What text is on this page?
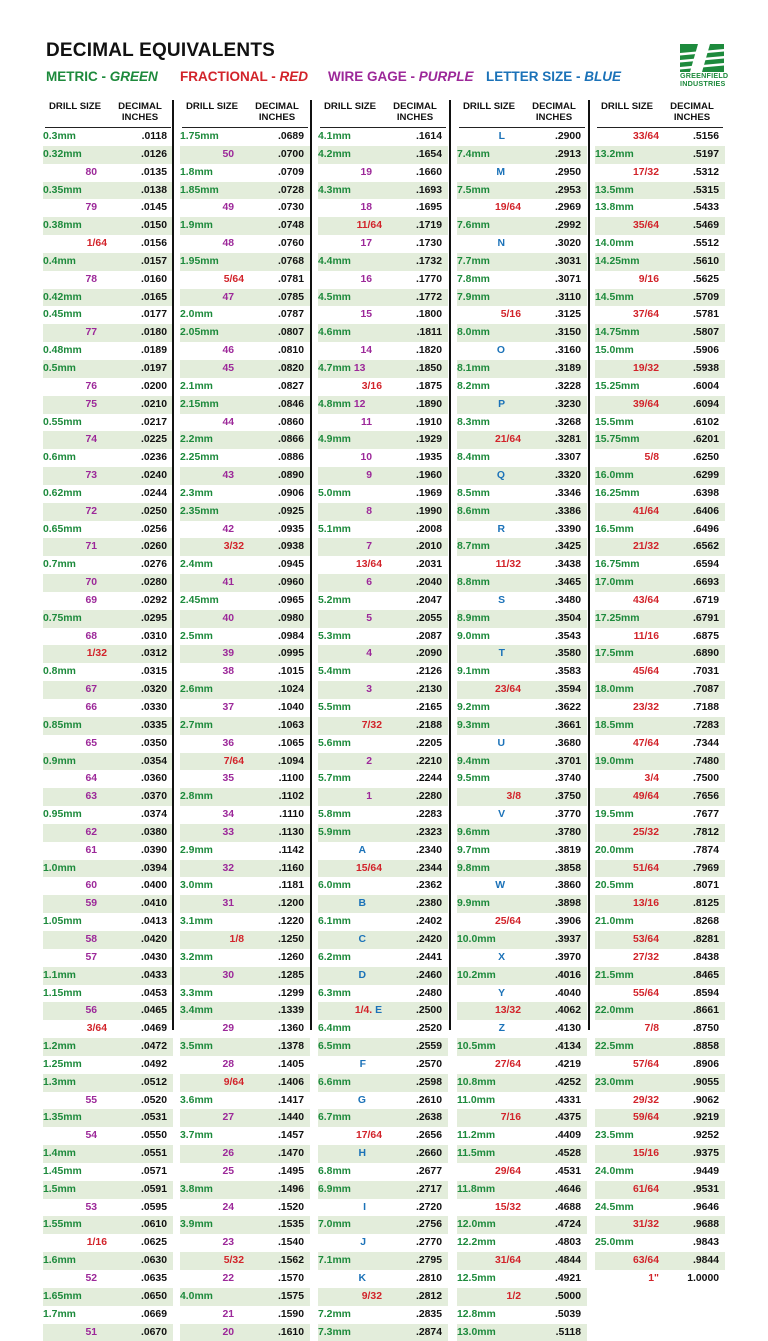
DECIMAL EQUIVALENTS
METRIC - GREEN FRACTIONAL - RED WIRE GAGE - PURPLE LETTER SIZE - BLUE	GREENFIELD
INDUSTRIES
DRILL SIZE	DECIMAL INCHES
0.3mm	.0118
0.32mm	.0126
80	.0135
0.35mm	.0138
79	.0145
0.38mm	.0150
1/64	.0156
0.4mm	.0157
78	.0160
0.42mm	.0165
0.45mm	.0177
77	.0180
0.48mm	.0189
0.5mm	.0197
76	.0200
75	.0210
0.55mm	.0217
74	.0225
0.6mm	.0236
73	.0240
0.62mm	.0244
72	.0250
0.65mm	.0256
71	.0260
0.7mm	.0276
70	.0280
69	.0292
0.75mm	.0295
68	.0310
1/32	.0312
0.8mm	.0315
67	.0320
66	.0330
0.85mm	.0335
65	.0350
0.9mm	.0354
64	.0360
63	.0370
0.95mm	.0374
62	.0380
61	.0390
1.0mm	.0394
60	.0400
59	.0410
1.05mm	.0413
58	.0420
57	.0430
1.1mm	.0433
1.15mm	.0453
56	.0465
3/64	.0469
1.2mm	.0472
1.25mm	.0492
1.3mm	.0512
55	.0520
1.35mm	.0531
54	.0550
1.4mm	.0551
1.45mm	.0571
1.5mm	.0591
53	.0595
1.55mm	.0610
1/16	.0625
1.6mm	.0630
52	.0635
1.65mm	.0650
1.7mm	.0669
51	.0670
DRILL SIZE	DECIMAL INCHES
1.75mm	.0689
50	.0700
1.8mm	.0709
1.85mm	.0728
49	.0730
1.9mm	.0748
48	.0760
1.95mm	.0768
5/64	.0781
47	.0785
2.0mm	.0787
2.05mm	.0807
46	.0810
45	.0820
2.1mm	.0827
2.15mm	.0846
44	.0860
2.2mm	.0866
2.25mm	.0886
43	.0890
2.3mm	.0906
2.35mm	.0925
42	.0935
3/32	.0938
2.4mm	.0945
41	.0960
2.45mm	.0965
40	.0980
2.5mm	.0984
39	.0995
38	.1015
2.6mm	.1024
37	.1040
2.7mm	.1063
36	.1065
7/64	.1094
35	.1100
2.8mm	.1102
34	.1110
33	.1130
2.9mm	.1142
32	.1160
3.0mm	.1181
31	.1200
3.1mm	.1220
1/8	.1250
3.2mm	.1260
30	.1285
3.3mm	.1299
3.4mm	.1339
29	.1360
3.5mm	.1378
28	.1405
9/64	.1406
3.6mm	.1417
27	.1440
3.7mm	.1457
26	.1470
25	.1495
3.8mm	.1496
24	.1520
3.9mm	.1535
23	.1540
5/32	.1562
22	.1570
4.0mm	.1575
21	.1590
20	.1610
DRILL SIZE	DECIMAL INCHES
4.1mm	.1614
4.2mm	.1654
19	.1660
4.3mm	.1693
18	.1695
11/64	.1719
17	.1730
4.4mm	.1732
16	.1770
4.5mm	.1772
15	.1800
4.6mm	.1811
14	.1820
4.7mm 13	.1850
3/16	.1875
4.8mm 12	.1890
11	.1910
4.9mm	.1929
10	.1935
9	.1960
5.0mm	.1969
8	.1990
5.1mm	.2008
7	.2010
13/64	.2031
6	.2040
5.2mm	.2047
5	.2055
5.3mm	.2087
4	.2090
5.4mm	.2126
3	.2130
5.5mm	.2165
7/32	.2188
5.6mm	.2205
2	.2210
5.7mm	.2244
1	.2280
5.8mm	.2283
5.9mm	.2323
A	.2340
15/64	.2344
6.0mm	.2362
B	.2380
6.1mm	.2402
C	.2420
6.2mm	.2441
D	.2460
6.3mm	.2480
1/4. E	.2500
6.4mm	.2520
6.5mm	.2559
F	.2570
6.6mm	.2598
G	.2610
6.7mm	.2638
17/64	.2656
H	.2660
6.8mm	.2677
6.9mm	.2717
I	.2720
7.0mm	.2756
J	.2770
7.1mm	.2795
K	.2810
9/32	.2812
7.2mm	.2835
7.3mm	.2874
DRILL SIZE	DECIMAL INCHES
L	.2900
7.4mm	.2913
M	.2950
7.5mm	.2953
19/64	.2969
7.6mm	.2992
N	.3020
7.7mm	.3031
7.8mm	.3071
7.9mm	.3110
5/16	.3125
8.0mm	.3150
O	.3160
8.1mm	.3189
8.2mm	.3228
P	.3230
8.3mm	.3268
21/64	.3281
8.4mm	.3307
Q	.3320
8.5mm	.3346
8.6mm	.3386
R	.3390
8.7mm	.3425
11/32	.3438
8.8mm	.3465
S	.3480
8.9mm	.3504
9.0mm	.3543
T	.3580
9.1mm	.3583
23/64	.3594
9.2mm	.3622
9.3mm	.3661
U	.3680
9.4mm	.3701
9.5mm	.3740
3/8	.3750
V	.3770
9.6mm	.3780
9.7mm	.3819
9.8mm	.3858
W	.3860
9.9mm	.3898
25/64	.3906
10.0mm	.3937
X	.3970
10.2mm	.4016
Y	.4040
13/32	.4062
Z	.4130
10.5mm	.4134
27/64	.4219
10.8mm	.4252
11.0mm	.4331
7/16	.4375
11.2mm	.4409
11.5mm	.4528
29/64	.4531
11.8mm	.4646
15/32	.4688
12.0mm	.4724
12.2mm	.4803
31/64	.4844
12.5mm	.4921
1/2	.5000
12.8mm	.5039
13.0mm	.5118
DRILL SIZE	DECIMAL INCHES
33/64	.5156
13.2mm	.5197
17/32	.5312
13.5mm	.5315
13.8mm	.5433
35/64	.5469
14.0mm	.5512
14.25mm	.5610
9/16	.5625
14.5mm	.5709
37/64	.5781
14.75mm	.5807
15.0mm	.5906
19/32	.5938
15.25mm	.6004
39/64	.6094
15.5mm	.6102
15.75mm	.6201
5/8	.6250
16.0mm	.6299
16.25mm	.6398
41/64	.6406
16.5mm	.6496
21/32	.6562
16.75mm	.6594
17.0mm	.6693
43/64	.6719
17.25mm	.6791
11/16	.6875
17.5mm	.6890
45/64	.7031
18.0mm	.7087
23/32	.7188
18.5mm	.7283
47/64	.7344
19.0mm	.7480
3/4	.7500
49/64	.7656
19.5mm	.7677
25/32	.7812
20.0mm	.7874
51/64	.7969
20.5mm	.8071
13/16	.8125
21.0mm	.8268
53/64	.8281
27/32	.8438
21.5mm	.8465
55/64	.8594
22.0mm	.8661
7/8	.8750
22.5mm	.8858
57/64	.8906
23.0mm	.9055
29/32	.9062
59/64	.9219
23.5mm	.9252
15/16	.9375
24.0mm	.9449
61/64	.9531
24.5mm	.9646
31/32	.9688
25.0mm	.9843
63/64	.9844
1"	1.0000
